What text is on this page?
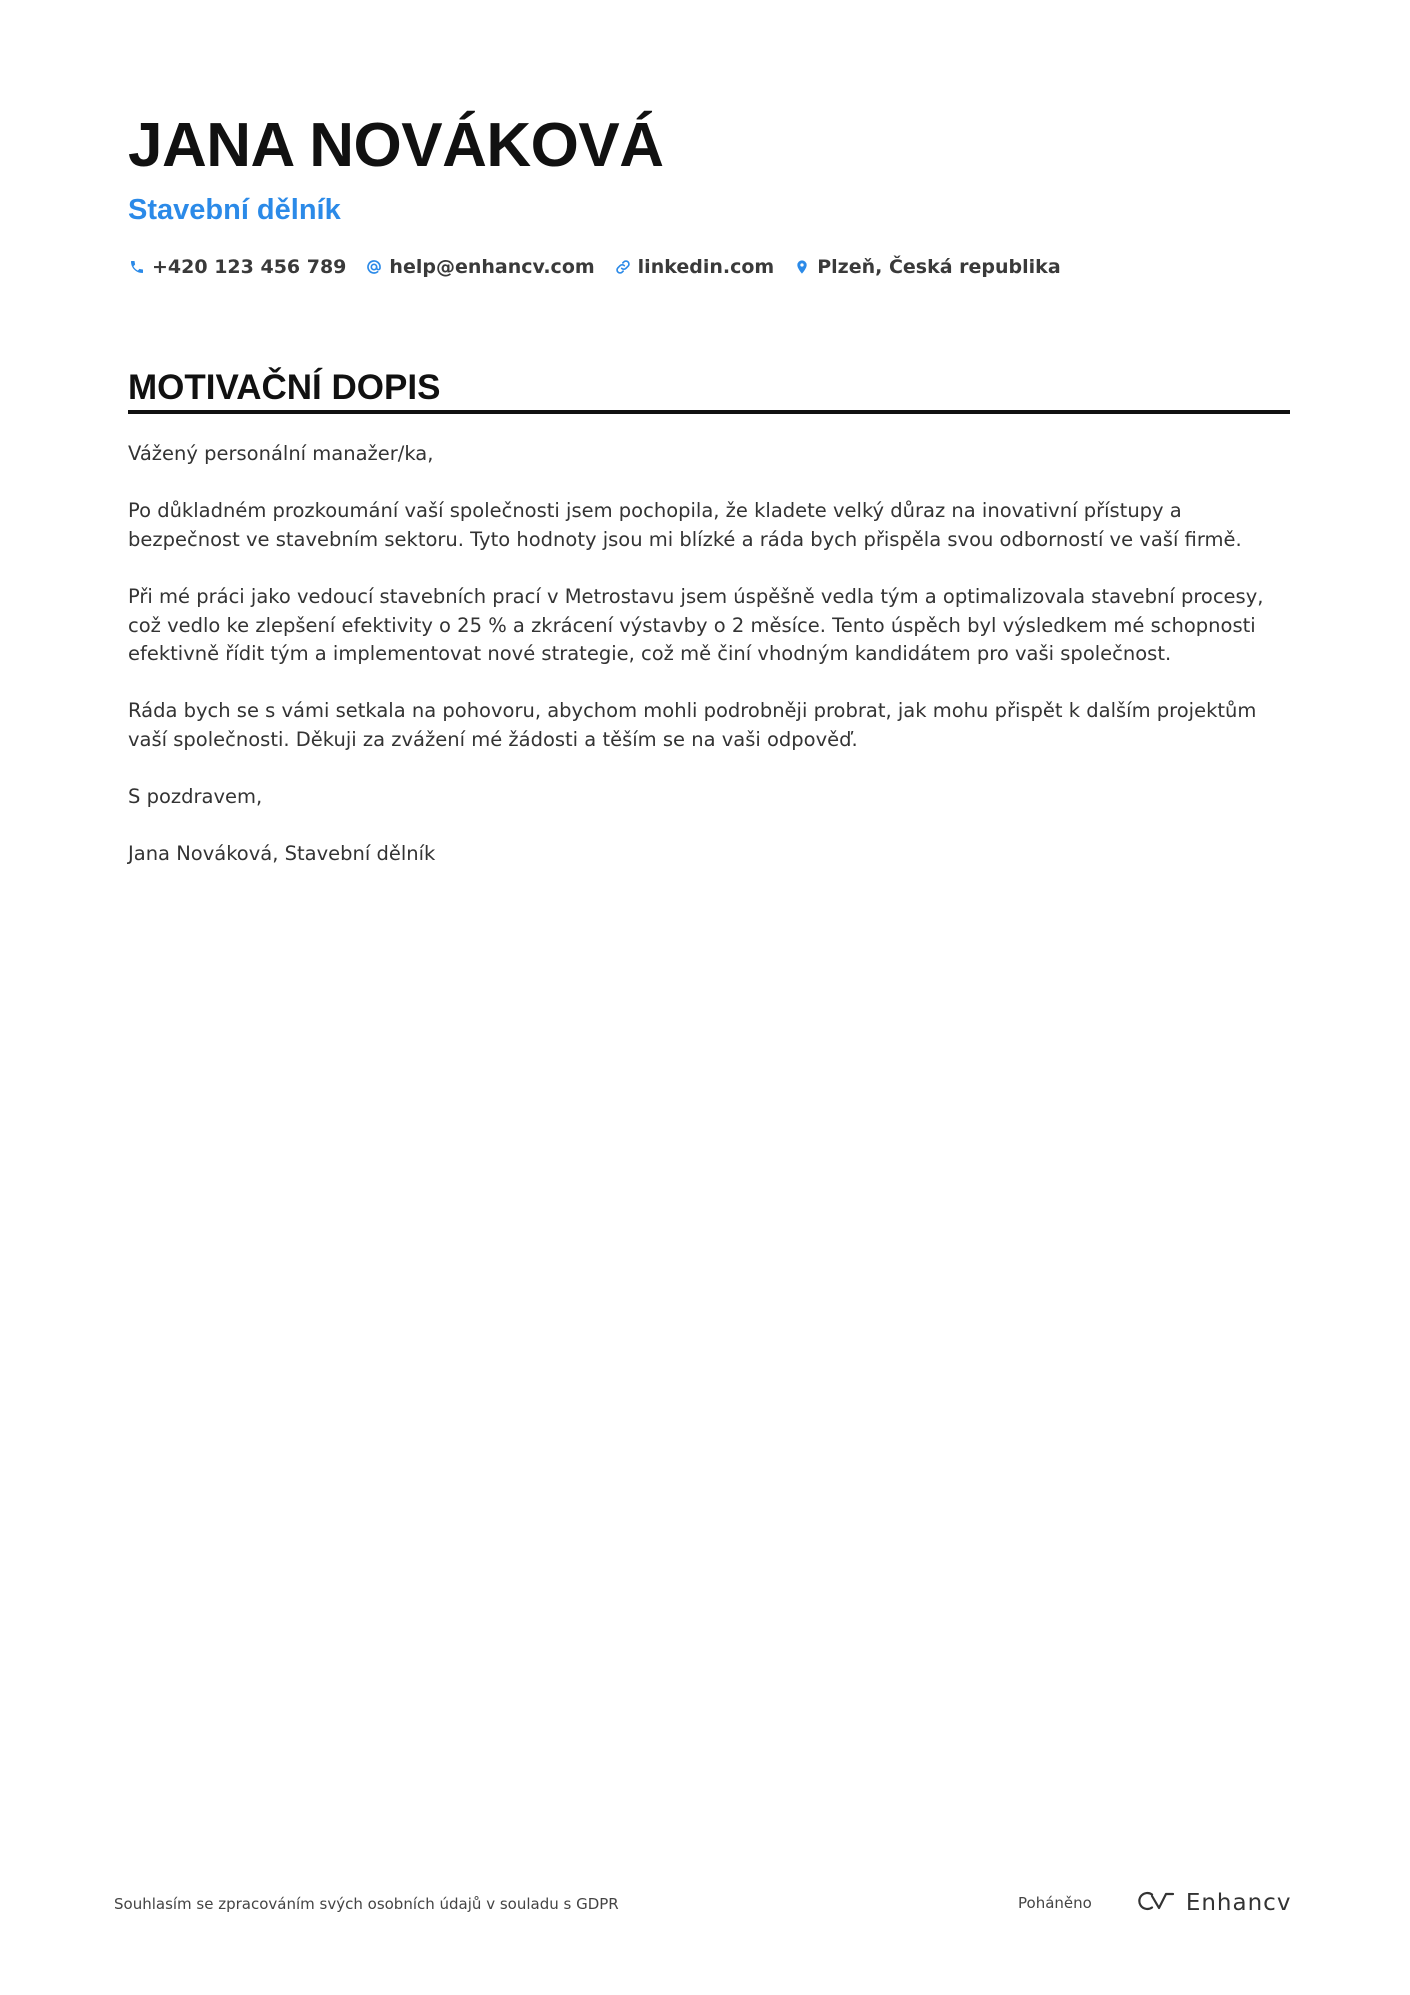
JANA NOVÁKOVÁ
Stavební dělník
+420 123 456 789 help@enhancv.com linkedin.com Plzeň, Česká republika
MOTIVAČNÍ DOPIS

Vážený personální manažer/ka,

Po důkladném prozkoumání vaší společnosti jsem pochopila, že kladete velký důraz na inovativní přístupy a bezpečnost ve stavebním sektoru. Tyto hodnoty jsou mi blízké a ráda bych přispěla svou odborností ve vaší firmě.

Při mé práci jako vedoucí stavebních prací v Metrostavu jsem úspěšně vedla tým a optimalizovala stavební procesy, což vedlo ke zlepšení efektivity o 25 % a zkrácení výstavby o 2 měsíce. Tento úspěch byl výsledkem mé schopnosti efektivně řídit tým a implementovat nové strategie, což mě činí vhodným kandidátem pro vaši společnost.

Ráda bych se s vámi setkala na pohovoru, abychom mohli podrobněji probrat, jak mohu přispět k dalším projektům vaší společnosti. Děkuji za zvážení mé žádosti a těším se na vaši odpověď.

S pozdravem,

Jana Nováková, Stavební dělník

Souhlasím se zpracováním svých osobních údajů v souladu s GDPR	Poháněno	Enhancv
